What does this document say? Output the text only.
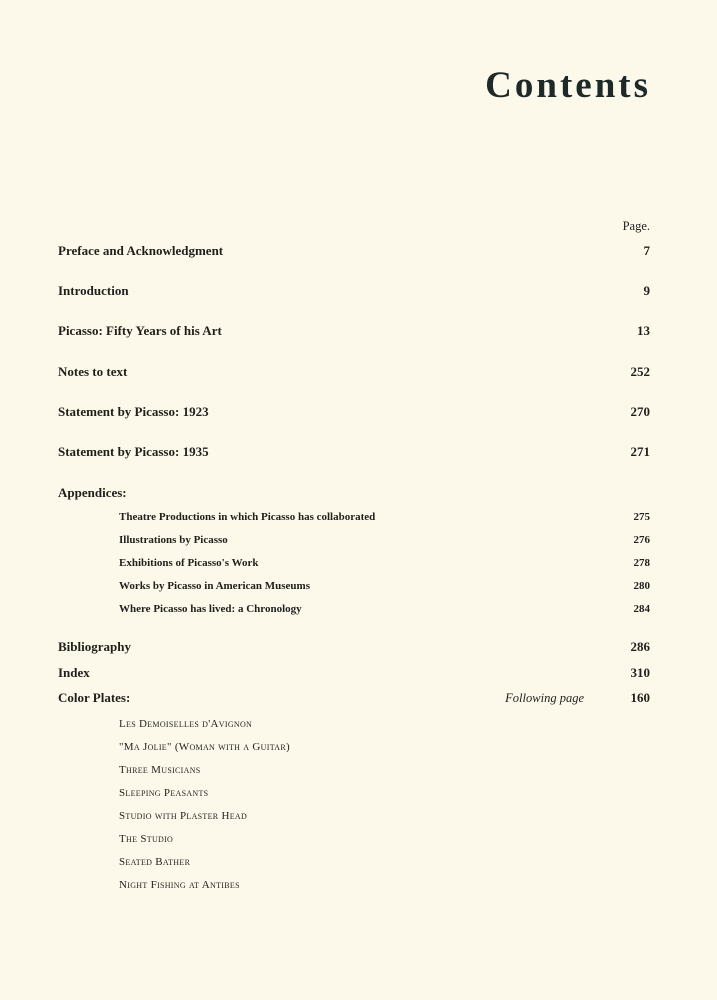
Contents
Page.
Preface and Acknowledgment	7
Introduction	9
Picasso: Fifty Years of his Art	13
Notes to text	252
Statement by Picasso: 1923	270
Statement by Picasso: 1935	271
Appendices:
Theatre Productions in which Picasso has collaborated	275
Illustrations by Picasso	276
Exhibitions of Picasso's Work	278
Works by Picasso in American Museums	280
Where Picasso has lived: a Chronology	284
Bibliography	286
Index	310
Color Plates:	Following page	160
Les Demoiselles d'Avignon
"Ma Jolie" (Woman with a Guitar)
Three Musicians
Sleeping Peasants
Studio with Plaster Head
The Studio
Seated Bather
Night Fishing at Antibes
